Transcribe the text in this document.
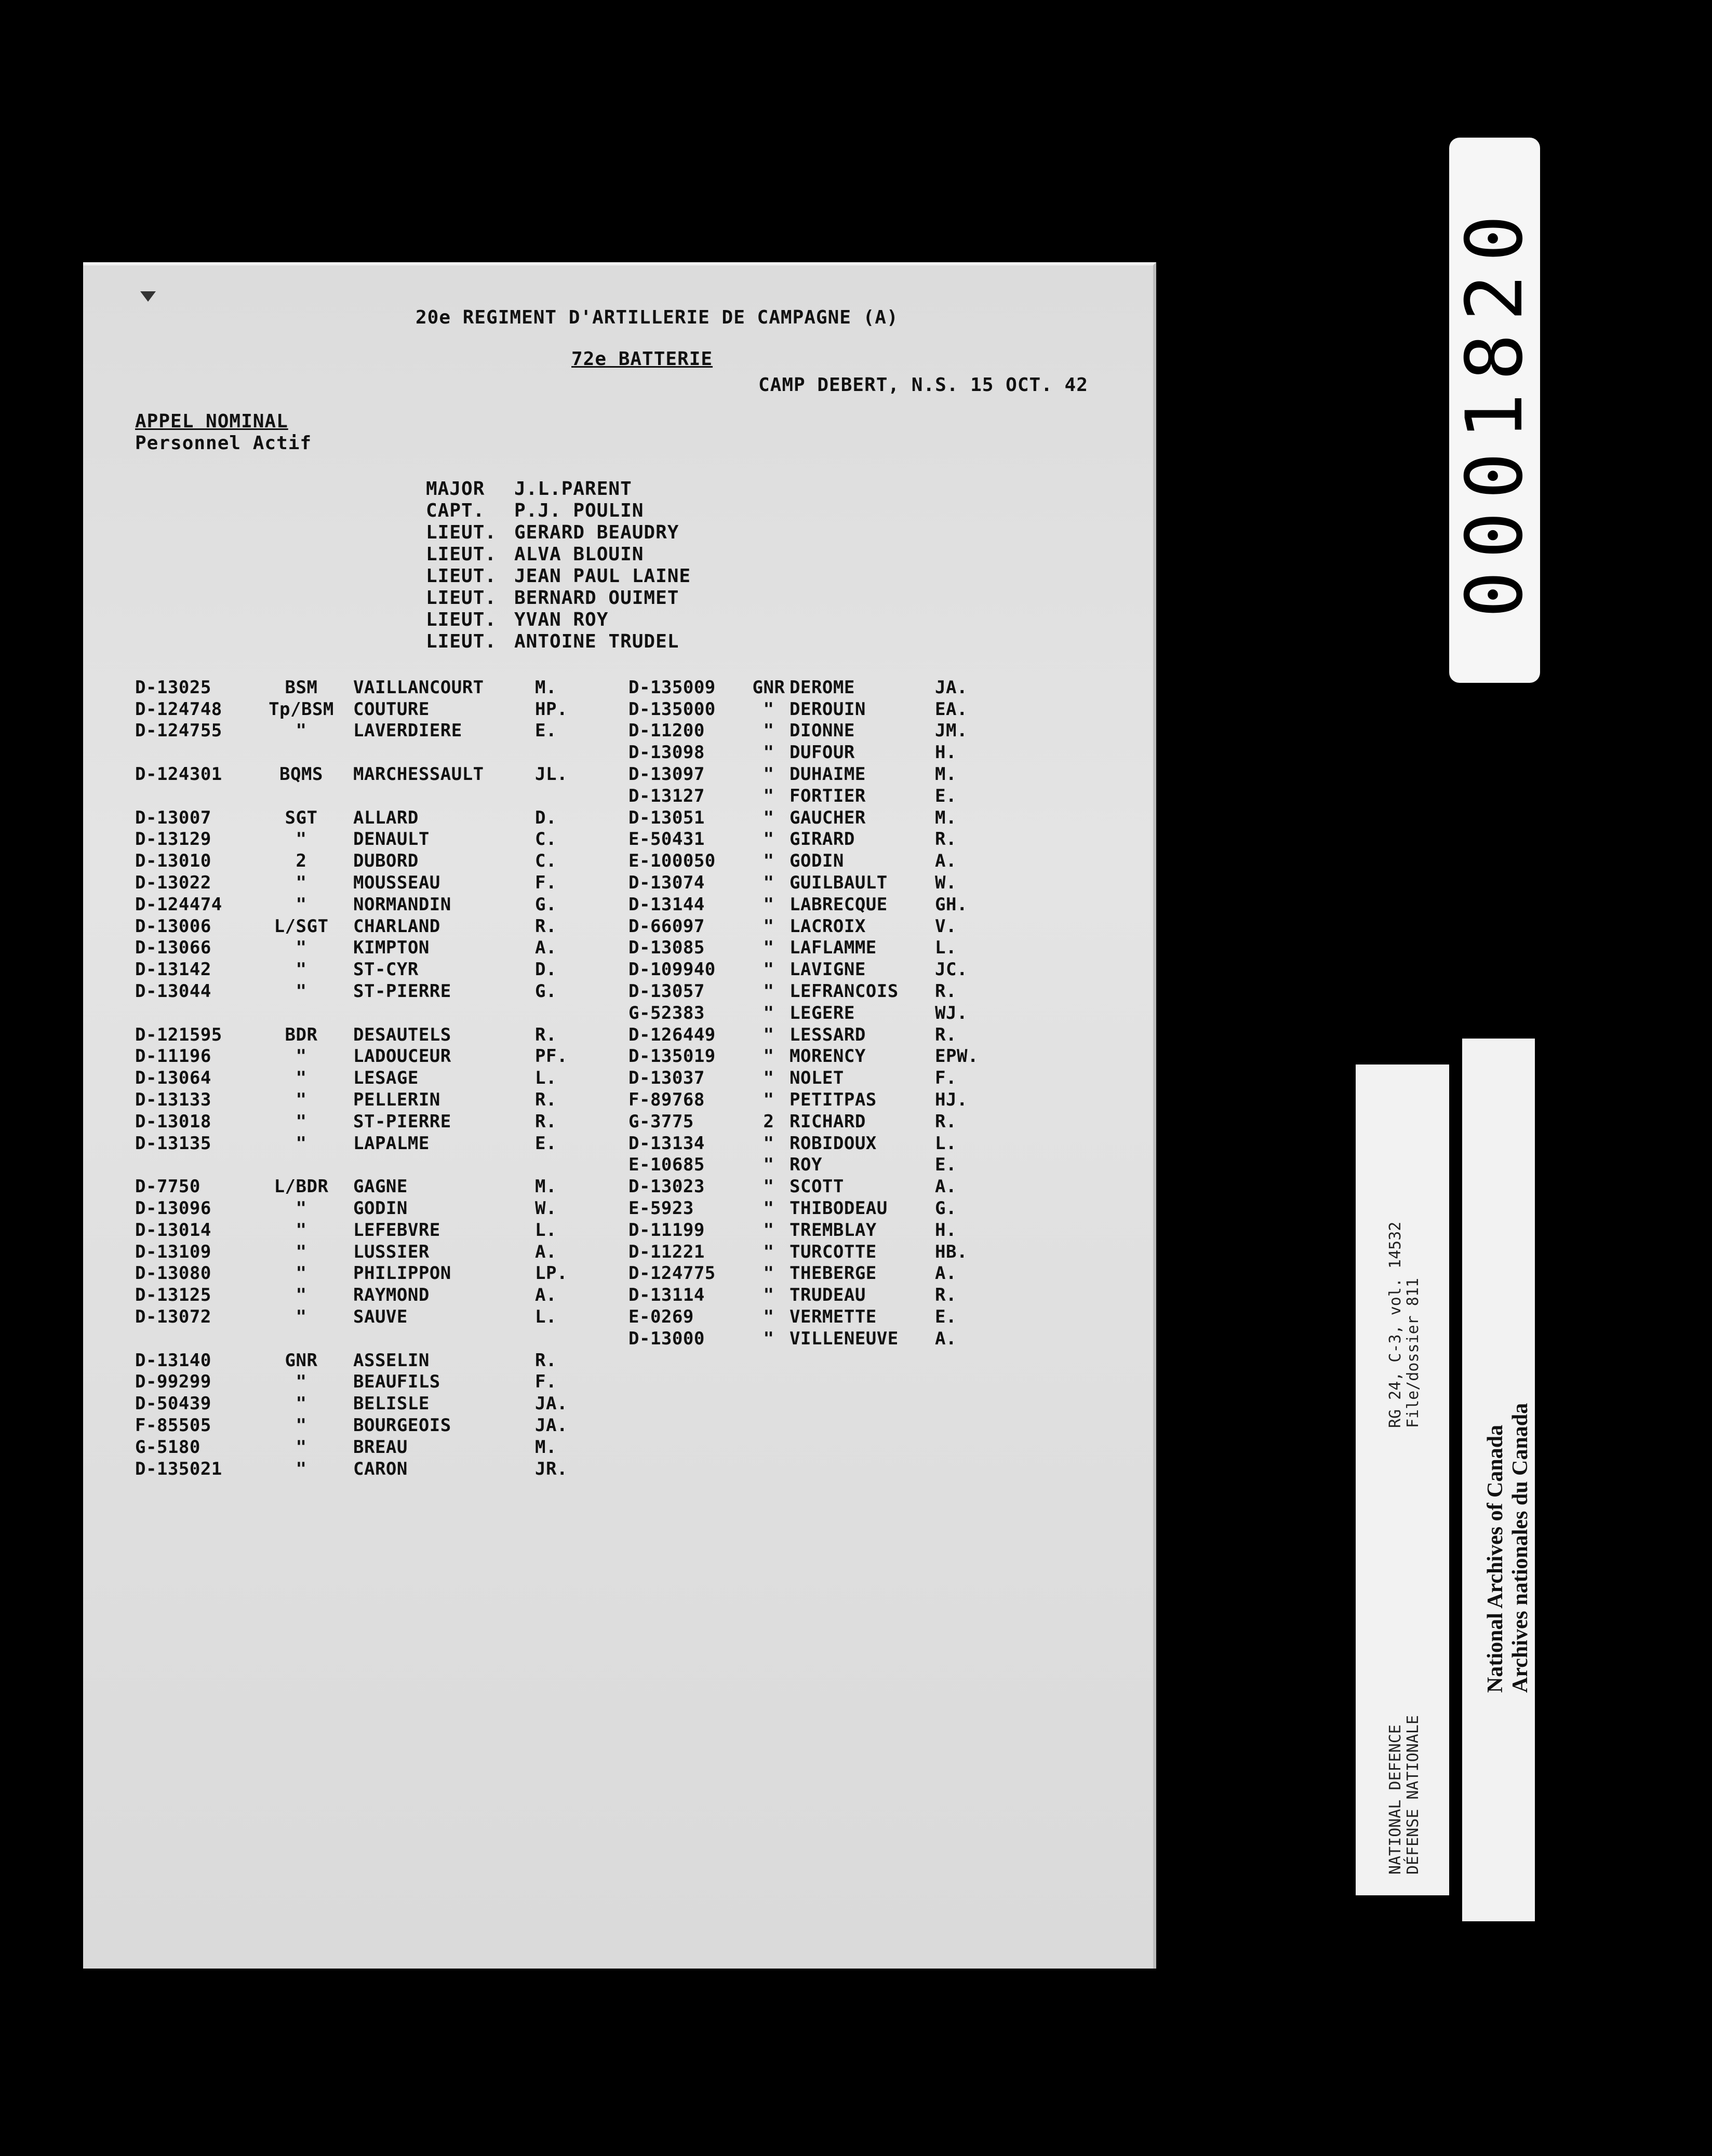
20e REGIMENT D'ARTILLERIE DE CAMPAGNE (A)
72e BATTERIE
CAMP DEBERT, N.S. 15 OCT. 42
APPEL NOMINAL
Personnel Actif
MAJOR	J.L.PARENT
CAPT.	P.J. POULIN
LIEUT. GERARD BEAUDRY
LIEUT. ALVA BLOUIN
LIEUT. JEAN PAUL LAINE
LIEUT. BERNARD OUIMET
LIEUT. YVAN ROY
LIEUT. ANTOINE TRUDEL
D-13025	BSM	VAILLANCOURT	M.
D-124748	Tp/BSM	COUTURE	HP.
D-124755	"	LAVERDIERE	E.
D-124301	BQMS	MARCHESSAULT	JL.
D-13007	SGT	ALLARD	D.
D-13129	"	DENAULT	C.
D-13010	2	DUBORD	C.
D-13022	"	MOUSSEAU	F.
D-124474	"	NORMANDIN	G.
D-13006	L/SGT	CHARLAND	R.
D-13066	"	KIMPTON	A.
D-13142	"	ST-CYR	D.
D-13044	"	ST-PIERRE	G.
D-121595	BDR	DESAUTELS	R.
D-11196	"	LADOUCEUR	PF.
D-13064	"	LESAGE	L.
D-13133	"	PELLERIN	R.
D-13018	"	ST-PIERRE	R.
D-13135	"	LAPALME	E.
D-7750	L/BDR	GAGNE	M.
D-13096	"	GODIN	W.
D-13014	"	LEFEBVRE	L.
D-13109	"	LUSSIER	A.
D-13080	"	PHILIPPON	LP.
D-13125	"	RAYMOND	A.
D-13072	"	SAUVE	L.
D-13140	GNR	ASSELIN	R.
D-99299	"	BEAUFILS	F.
D-50439	"	BELISLE	JA.
F-85505	"	BOURGEOIS	JA.
G-5180	"	BREAU	M.
D-135021	"	CARON	JR.
D-135009	GNR DEROME	JA.
D-135000	" DEROUIN	EA.
D-11200	" DIONNE	JM.
D-13098	" DUFOUR	H.
D-13097	" DUHAIME	M.
D-13127	" FORTIER	E.
D-13051	" GAUCHER	M.
E-50431	" GIRARD	R.
E-100050	" GODIN	A.
D-13074	" GUILBAULT	W.
D-13144	" LABRECQUE	GH.
D-66097	" LACROIX	V.
D-13085	" LAFLAMME	L.
D-109940	" LAVIGNE	JC.
D-13057	" LEFRANCOIS	R.
G-52383	" LEGERE	WJ.
D-126449	" LESSARD	R.
D-135019	" MORENCY	EPW.
D-13037	" NOLET	F.
F-89768	" PETITPAS	HJ.
G-3775	2 RICHARD	R.
D-13134	" ROBIDOUX	L.
E-10685	" ROY	E.
D-13023	" SCOTT	A.
E-5923	" THIBODEAU	G.
D-11199	" TREMBLAY	H.
D-11221	" TURCOTTE	HB.
D-124775	" THEBERGE	A.
D-13114	" TRUDEAU	R.
E-0269	" VERMETTE	E.
D-13000	" VILLENEUVE	A.
0001820
RG 24, C-3, vol. 14532
File/dossier 811
NATIONAL DEFENCE
DÉFENSE NATIONALE
National Archives of Canada
Archives nationales du Canada
